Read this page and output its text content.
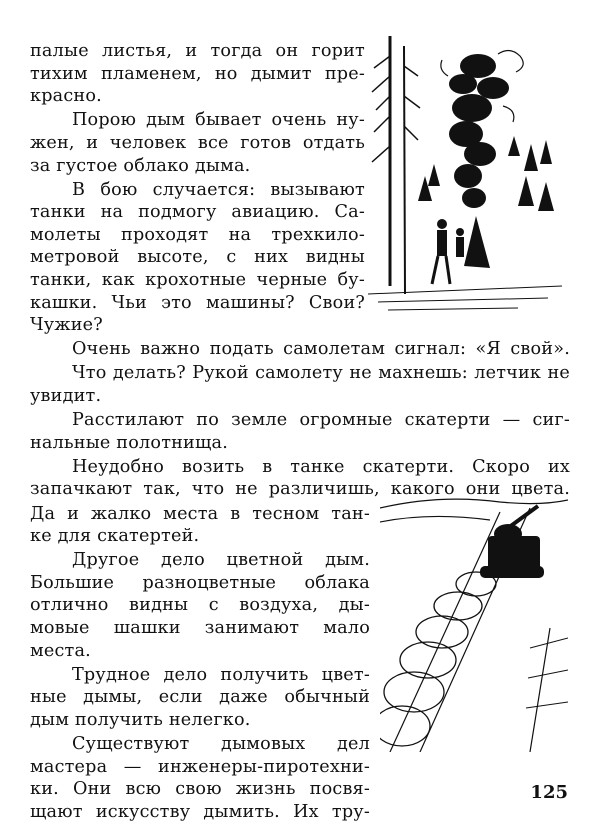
палые листья, и тогда он горит
тихим пламенем, но дымит пре-
красно.
Порою дым бывает очень ну-
жен, и человек все готов отдать
за густое облако дыма.
В бою случается: вызывают
танки на подмогу авиацию. Са-
молеты проходят на трехкило-
метровой высоте, с них видны
танки, как крохотные черные бу-
кашки. Чьи это машины? Свои?
Чужие?
Очень важно подать самолетам сигнал: «Я свой».
Что делать? Рукой самолету не махнешь: летчик не
увидит.
Расстилают по земле огромные скатерти — сиг-
нальные полотнища.
Неудобно возить в танке скатерти. Скоро их
запачкают так, что не различишь, какого они цвета.
Да и жалко места в тесном тан-
ке для скатертей.
Другое дело цветной дым.
Большие разноцветные облака
отлично видны с воздуха, ды-
мовые шашки занимают мало
места.
Трудное дело получить цвет-
ные дымы, если даже обычный
дым получить нелегко.
Существуют дымовых дел
мастера — инженеры-пиротехни-
ки. Они всю свою жизнь посвя-
щают искусству дымить. Их тру-
125
